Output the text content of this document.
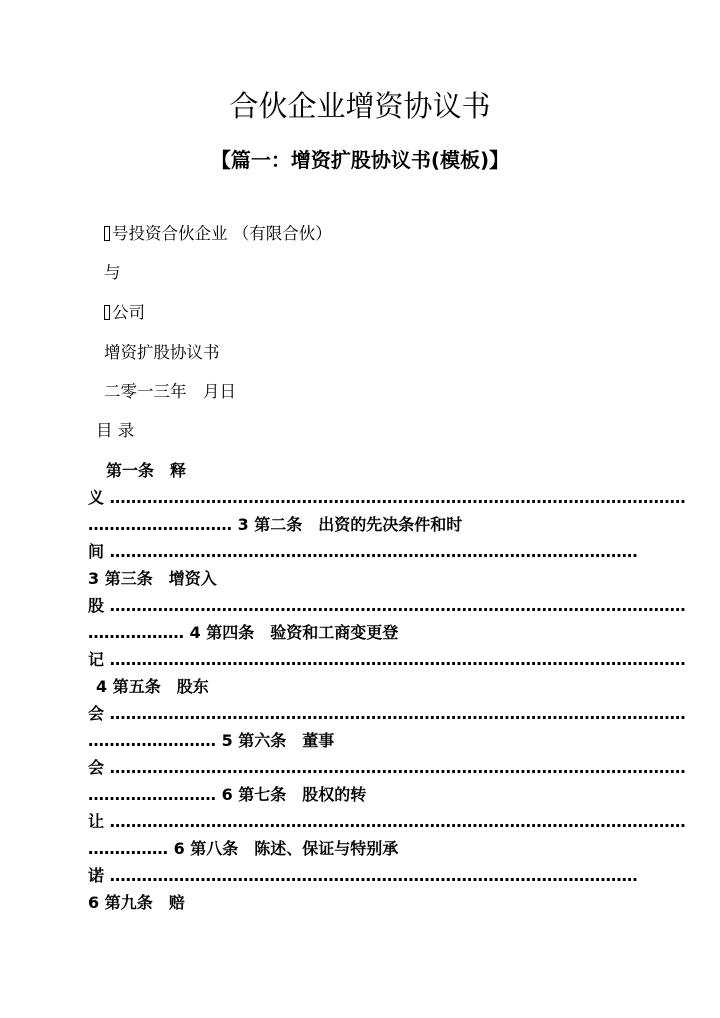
合伙企业增资协议书
【篇一：增资扩股协议书(模板)】
号投资合伙企业 （有限合伙）
与
公司
增资扩股协议书
二零一三年　月日
目 录
第一条　释
义 ………………………………………………………………………………………………
……………………… 3 第二条　出资的先决条件和时
间 ………………………………………………………………………………………
3 第三条　增资入
股 ………………………………………………………………………………………………
……………… 4 第四条　验资和工商变更登
记 ………………………………………………………………………………………………
4 第五条　股东
会 ………………………………………………………………………………………………
…………………… 5 第六条　董事
会 ………………………………………………………………………………………………
…………………… 6 第七条　股权的转
让 ………………………………………………………………………………………………
…………… 6 第八条　陈述、保证与特别承
诺 ………………………………………………………………………………………
6 第九条　赔
